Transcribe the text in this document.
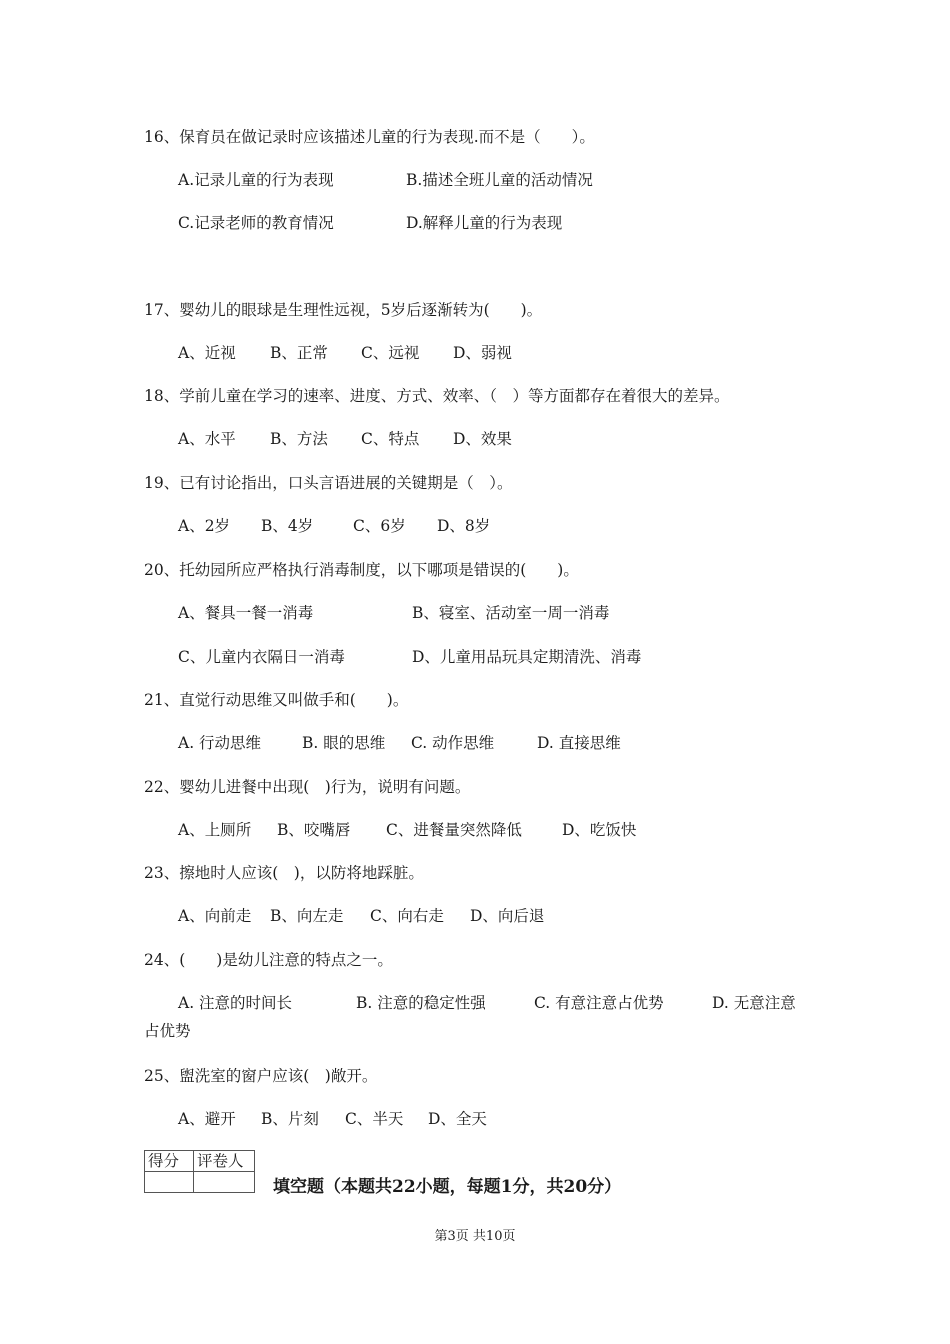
16、保育员在做记录时应该描述儿童的行为表现.而不是（　　）。
A.记录儿童的行为表现	B.描述全班儿童的活动情况
C.记录老师的教育情况	D.解释儿童的行为表现
17、婴幼儿的眼球是生理性远视，5岁后逐渐转为(　　)。
A、近视 B、正常 C、远视 D、弱视
18、学前儿童在学习的速率、进度、方式、效率、（　）等方面都存在着很大的差异。
A、水平 B、方法 C、特点 D、效果
19、已有讨论指出，口头言语进展的关键期是（　）。
A、2岁 B、4岁	C、6岁 D、8岁
20、托幼园所应严格执行消毒制度，以下哪项是错误的(　　)。
A、餐具一餐一消毒	B、寝室、活动室一周一消毒
C、儿童内衣隔日一消毒	D、儿童用品玩具定期清洗、消毒
21、直觉行动思维又叫做手和(　　)。
A. 行动思维	B. 眼的思维 C. 动作思维	D. 直接思维
22、婴幼儿进餐中出现(　)行为，说明有问题。
A、上厕所 B、咬嘴唇 C、进餐量突然降低	D、吃饭快
23、擦地时人应该(　)，以防将地踩脏。
A、向前走 B、向左走 C、向右走 D、向后退
24、(　　)是幼儿注意的特点之一。
A. 注意的时间长	B. 注意的稳定性强	C. 有意注意占优势	D. 无意注意
占优势
25、盥洗室的窗户应该(　)敞开。
A、避开 B、片刻 C、半天 D、全天
得分	评卷人

填空题（本题共22小题，每题1分，共20分）
第3页 共10页
